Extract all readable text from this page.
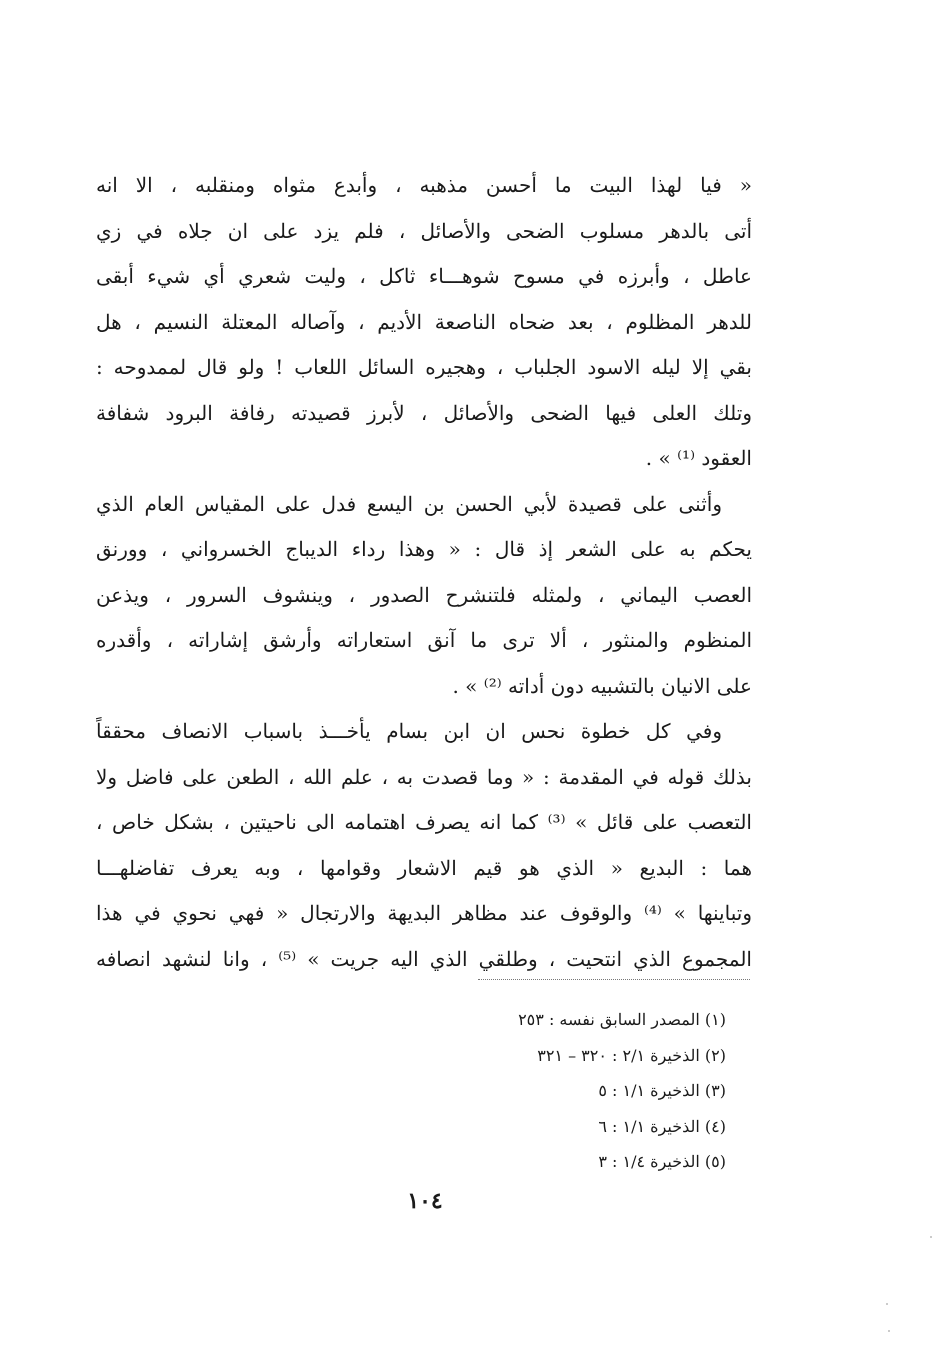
« فيا لهذا البيت ما أحسن مذهبه ، وأبدع مثواه ومنقلبه ، الا انه
أتى بالدهر مسلوب الضحى والأصائل ، فلم يزد على ان جلاه في زي
عاطل ، وأبرزه في مسوح شوهـــاء ثاكل ، وليت شعري أي شيء أبقى
للدهر المظلوم ، بعد ضحاه الناصعة الأديم ، وآصاله المعتلة النسيم ، هل
بقي إلا ليله الاسود الجلباب ، وهجيره السائل اللعاب ! ولو قال لممدوحه :
وتلك العلى فيها الضحى والأصائل ، لأبرز قصيدته رفافة البرود شفافة
العقود ⁽¹⁾ » .
وأثنى على قصيدة لأبي الحسن بن اليسع فدل على المقياس العام الذي
يحكم به على الشعر إذ قال : « وهذا رداء الديباج الخسرواني ، وورنق
العصب اليماني ، ولمثله فلتنشرح الصدور ، وينشوف السرور ، ويذعن
المنظوم والمنثور ، ألا ترى ما آنق استعاراته وأرشق إشاراته ، وأقدره
على الانيان بالتشبيه دون أداته ⁽²⁾ » .
وفي كل خطوة نحس ان ابن بسام يأخـــذ باسباب الانصاف محققاً
بذلك قوله في المقدمة : « وما قصدت به ، علم الله ، الطعن على فاضل ولا
التعصب على قائل » ⁽³⁾ كما انه يصرف اهتمامه الى ناحيتين ، بشكل خاص ،
هما : البديع « الذي هو قيم الاشعار وقوامها ، وبه يعرف تفاضلهـــا
وتباينها » ⁽⁴⁾ والوقوف عند مظاهر البديهة والارتجال « فهي نحوي في هذا
المجموع الذي انتحيت ، وطلقي الذي اليه جريت » ⁽⁵⁾ ، وانا لنشهد انصافه
(١) المصدر السابق نفسه : ٢٥٣
(٢) الذخيرة ٢/١ : ٣٢٠ – ٣٢١
(٣) الذخيرة ١/١ : ٥
(٤) الذخيرة ١/١ : ٦
(٥) الذخيرة ١/٤ : ٣
١٠٤
